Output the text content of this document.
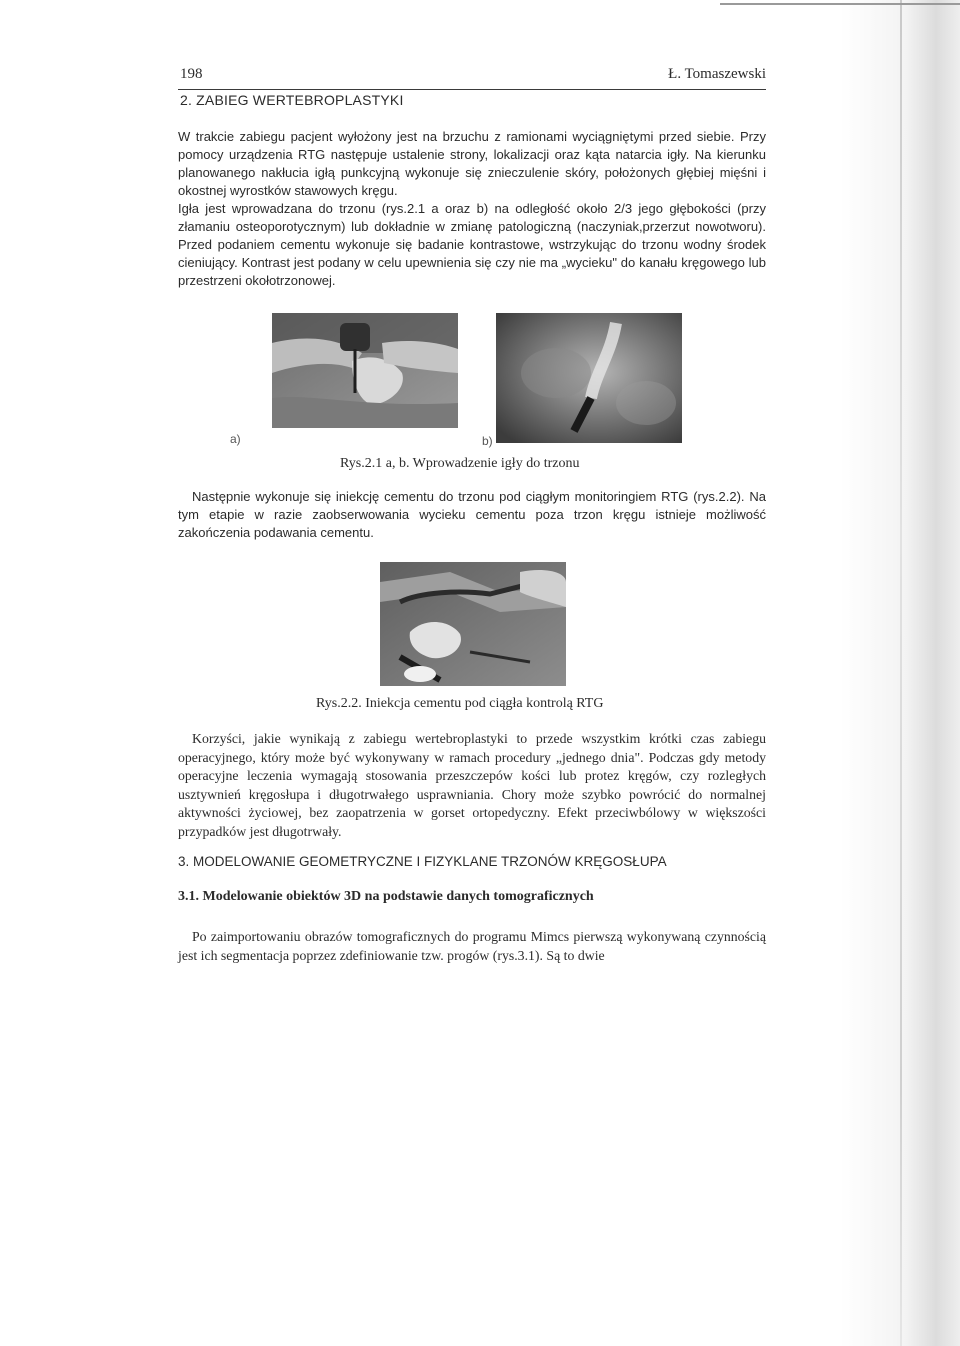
198	Ł. Tomaszewski
2. ZABIEG WERTEBROPLASTYKI

W trakcie zabiegu pacjent wyłożony jest na brzuchu z ramionami wyciągniętymi przed siebie. Przy pomocy urządzenia RTG następuje ustalenie strony, lokalizacji oraz kąta natarcia igły. Na kierunku planowanego nakłucia igłą punkcyjną wykonuje się znieczulenie skóry, położonych głębiej mięśni i okostnej wyrostków stawowych kręgu.

Igła jest wprowadzana do trzonu (rys.2.1 a oraz b) na odległość około 2/3 jego głębokości (przy złamaniu osteoporotycznym) lub dokładnie w zmianę patologiczną (naczyniak,przerzut nowotworu). Przed podaniem cementu wykonuje się badanie kontrastowe, wstrzykując do trzonu wodny środek cieniujący. Kontrast jest podany w celu upewnienia się czy nie ma „wycieku" do kanału kręgowego lub przestrzeni okołotrzonowej.

a)	b)
Rys.2.1 a, b. Wprowadzenie igły do trzonu

Następnie wykonuje się iniekcję cementu do trzonu pod ciągłym monitoringiem RTG (rys.2.2). Na tym etapie w razie zaobserwowania wycieku cementu poza trzon kręgu istnieje możliwość zakończenia podawania cementu.

Rys.2.2. Iniekcja cementu pod ciągła kontrolą RTG

Korzyści, jakie wynikają z zabiegu wertebroplastyki to przede wszystkim krótki czas zabiegu operacyjnego, który może być wykonywany w ramach procedury „jednego dnia". Podczas gdy metody operacyjne leczenia wymagają stosowania przeszczepów kości lub protez kręgów, czy rozległych usztywnień kręgosłupa i długotrwałego usprawniania. Chory może szybko powrócić do normalnej aktywności życiowej, bez zaopatrzenia w gorset ortopedyczny. Efekt przeciwbólowy w większości przypadków jest długotrwały.

3. MODELOWANIE GEOMETRYCZNE I FIZYKLANE TRZONÓW KRĘGOSŁUPA
3.1. Modelowanie obiektów 3D na podstawie danych tomograficznych

Po zaimportowaniu obrazów tomograficznych do programu Mimcs pierwszą wykonywaną czynnością jest ich segmentacja poprzez zdefiniowanie tzw. progów (rys.3.1). Są to dwie
